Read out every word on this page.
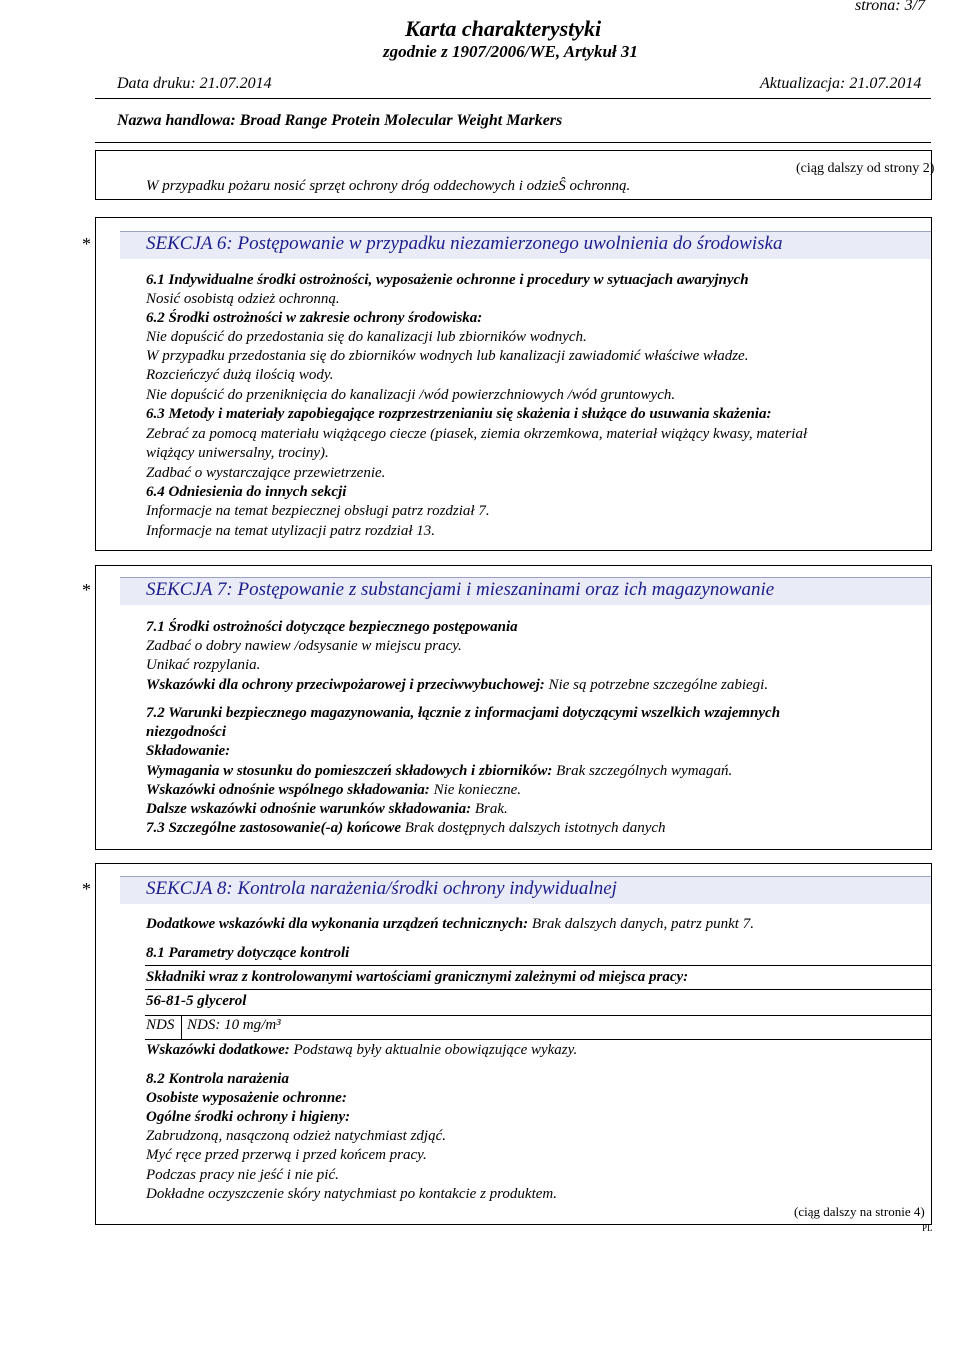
strona: 3/7
Karta charakterystyki
zgodnie z 1907/2006/WE, Artykuł 31
Data druku: 21.07.2014	Aktualizacja: 21.07.2014
Nazwa handlowa: Broad Range Protein Molecular Weight Markers
(ciąg dalszy od strony 2)
W przypadku pożaru nosić sprzęt ochrony dróg oddechowych i odzieŜ ochronną.
*	SEKCJA 6: Postępowanie w przypadku niezamierzonego uwolnienia do środowiska
6.1 Indywidualne środki ostrożności, wyposażenie ochronne i procedury w sytuacjach awaryjnych
Nosić osobistą odzież ochronną.
6.2 Środki ostrożności w zakresie ochrony środowiska:
Nie dopuścić do przedostania się do kanalizacji lub zbiorników wodnych.
W przypadku przedostania się do zbiorników wodnych lub kanalizacji zawiadomić właściwe władze.
Rozcieńczyć dużą ilością wody.
Nie dopuścić do przeniknięcia do kanalizacji /wód powierzchniowych /wód gruntowych.
6.3 Metody i materiały zapobiegające rozprzestrzenianiu się skażenia i służące do usuwania skażenia:
Zebrać za pomocą materiału wiążącego ciecze (piasek, ziemia okrzemkowa, materiał wiążący kwasy, materiał
wiążący uniwersalny, trociny).
Zadbać o wystarczające przewietrzenie.
6.4 Odniesienia do innych sekcji
Informacje na temat bezpiecznej obsługi patrz rozdział 7.
Informacje na temat utylizacji patrz rozdział 13.
*	SEKCJA 7: Postępowanie z substancjami i mieszaninami oraz ich magazynowanie
7.1 Środki ostrożności dotyczące bezpiecznego postępowania
Zadbać o dobry nawiew /odsysanie w miejscu pracy.
Unikać rozpylania.
Wskazówki dla ochrony przeciwpożarowej i przeciwwybuchowej: Nie są potrzebne szczególne zabiegi.
7.2 Warunki bezpiecznego magazynowania, łącznie z informacjami dotyczącymi wszelkich wzajemnych
niezgodności
Składowanie:
Wymagania w stosunku do pomieszczeń składowych i zbiorników: Brak szczególnych wymagań.
Wskazówki odnośnie wspólnego składowania: Nie konieczne.
Dalsze wskazówki odnośnie warunków składowania: Brak.
7.3 Szczególne zastosowanie(-a) końcowe Brak dostępnych dalszych istotnych danych
*	SEKCJA 8: Kontrola narażenia/środki ochrony indywidualnej
Dodatkowe wskazówki dla wykonania urządzeń technicznych: Brak dalszych danych, patrz punkt 7.
8.1 Parametry dotyczące kontroli
Składniki wraz z kontrolowanymi wartościami granicznymi zależnymi od miejsca pracy:
56-81-5 glycerol
NDS NDS: 10 mg/m³
Wskazówki dodatkowe: Podstawą były aktualnie obowiązujące wykazy.
8.2 Kontrola narażenia
Osobiste wyposażenie ochronne:
Ogólne środki ochrony i higieny:
Zabrudzoną, nasączoną odzież natychmiast zdjąć.
Myć ręce przed przerwą i przed końcem pracy.
Podczas pracy nie jeść i nie pić.
Dokładne oczyszczenie skóry natychmiast po kontakcie z produktem.
(ciąg dalszy na stronie 4)
PL
